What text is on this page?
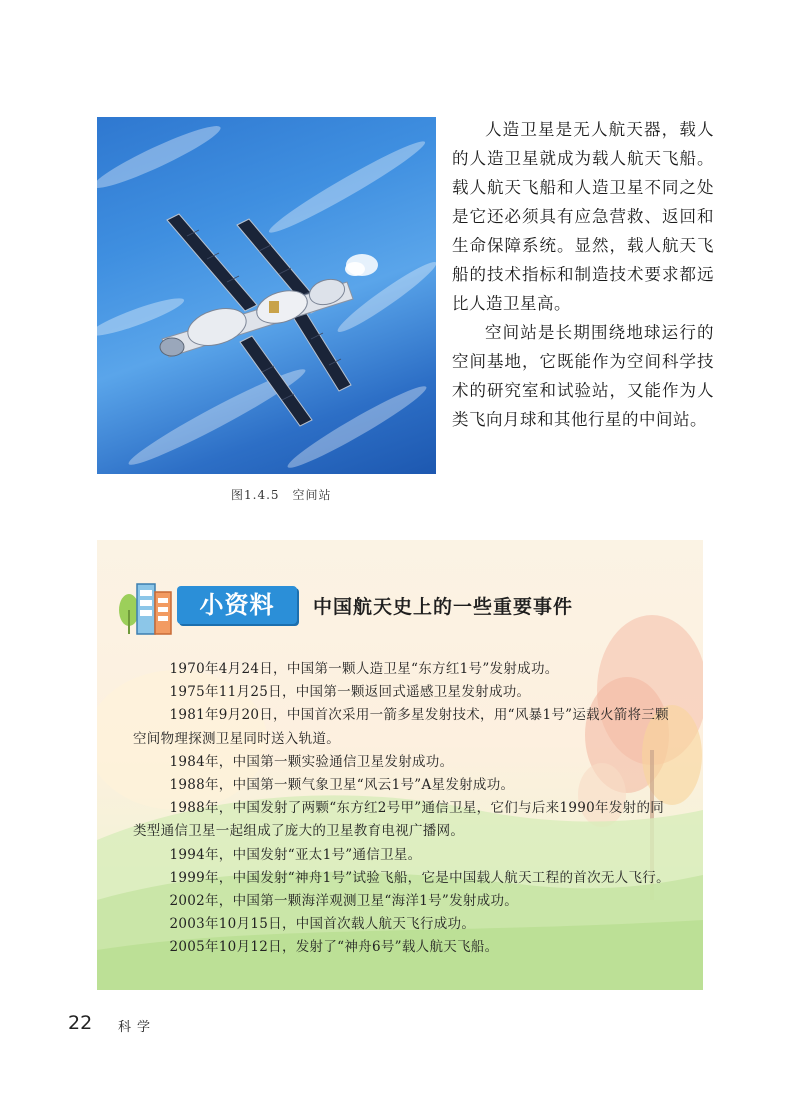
图1.4.5　空间站

人造卫星是无人航天器，载人的人造卫星就成为载人航天飞船。载人航天飞船和人造卫星不同之处是它还必须具有应急营救、返回和生命保障系统。显然，载人航天飞船的技术指标和制造技术要求都远比人造卫星高。

空间站是长期围绕地球运行的空间基地，它既能作为空间科学技术的研究室和试验站，又能作为人类飞向月球和其他行星的中间站。

小资料	中国航天史上的一些重要事件

1970年4月24日，中国第一颗人造卫星“东方红1号”发射成功。

1975年11月25日，中国第一颗返回式遥感卫星发射成功。

1981年9月20日，中国首次采用一箭多星发射技术，用“风暴1号”运载火箭将三颗空间物理探测卫星同时送入轨道。

1984年，中国第一颗实验通信卫星发射成功。

1988年，中国第一颗气象卫星“风云1号”A星发射成功。

1988年，中国发射了两颗“东方红2号甲”通信卫星，它们与后来1990年发射的同类型通信卫星一起组成了庞大的卫星教育电视广播网。

1994年，中国发射“亚太1号”通信卫星。

1999年，中国发射“神舟1号”试验飞船，它是中国载人航天工程的首次无人飞行。

2002年，中国第一颗海洋观测卫星“海洋1号”发射成功。

2003年10月15日，中国首次载人航天飞行成功。

2005年10月12日，发射了“神舟6号”载人航天飞船。

22 科学
